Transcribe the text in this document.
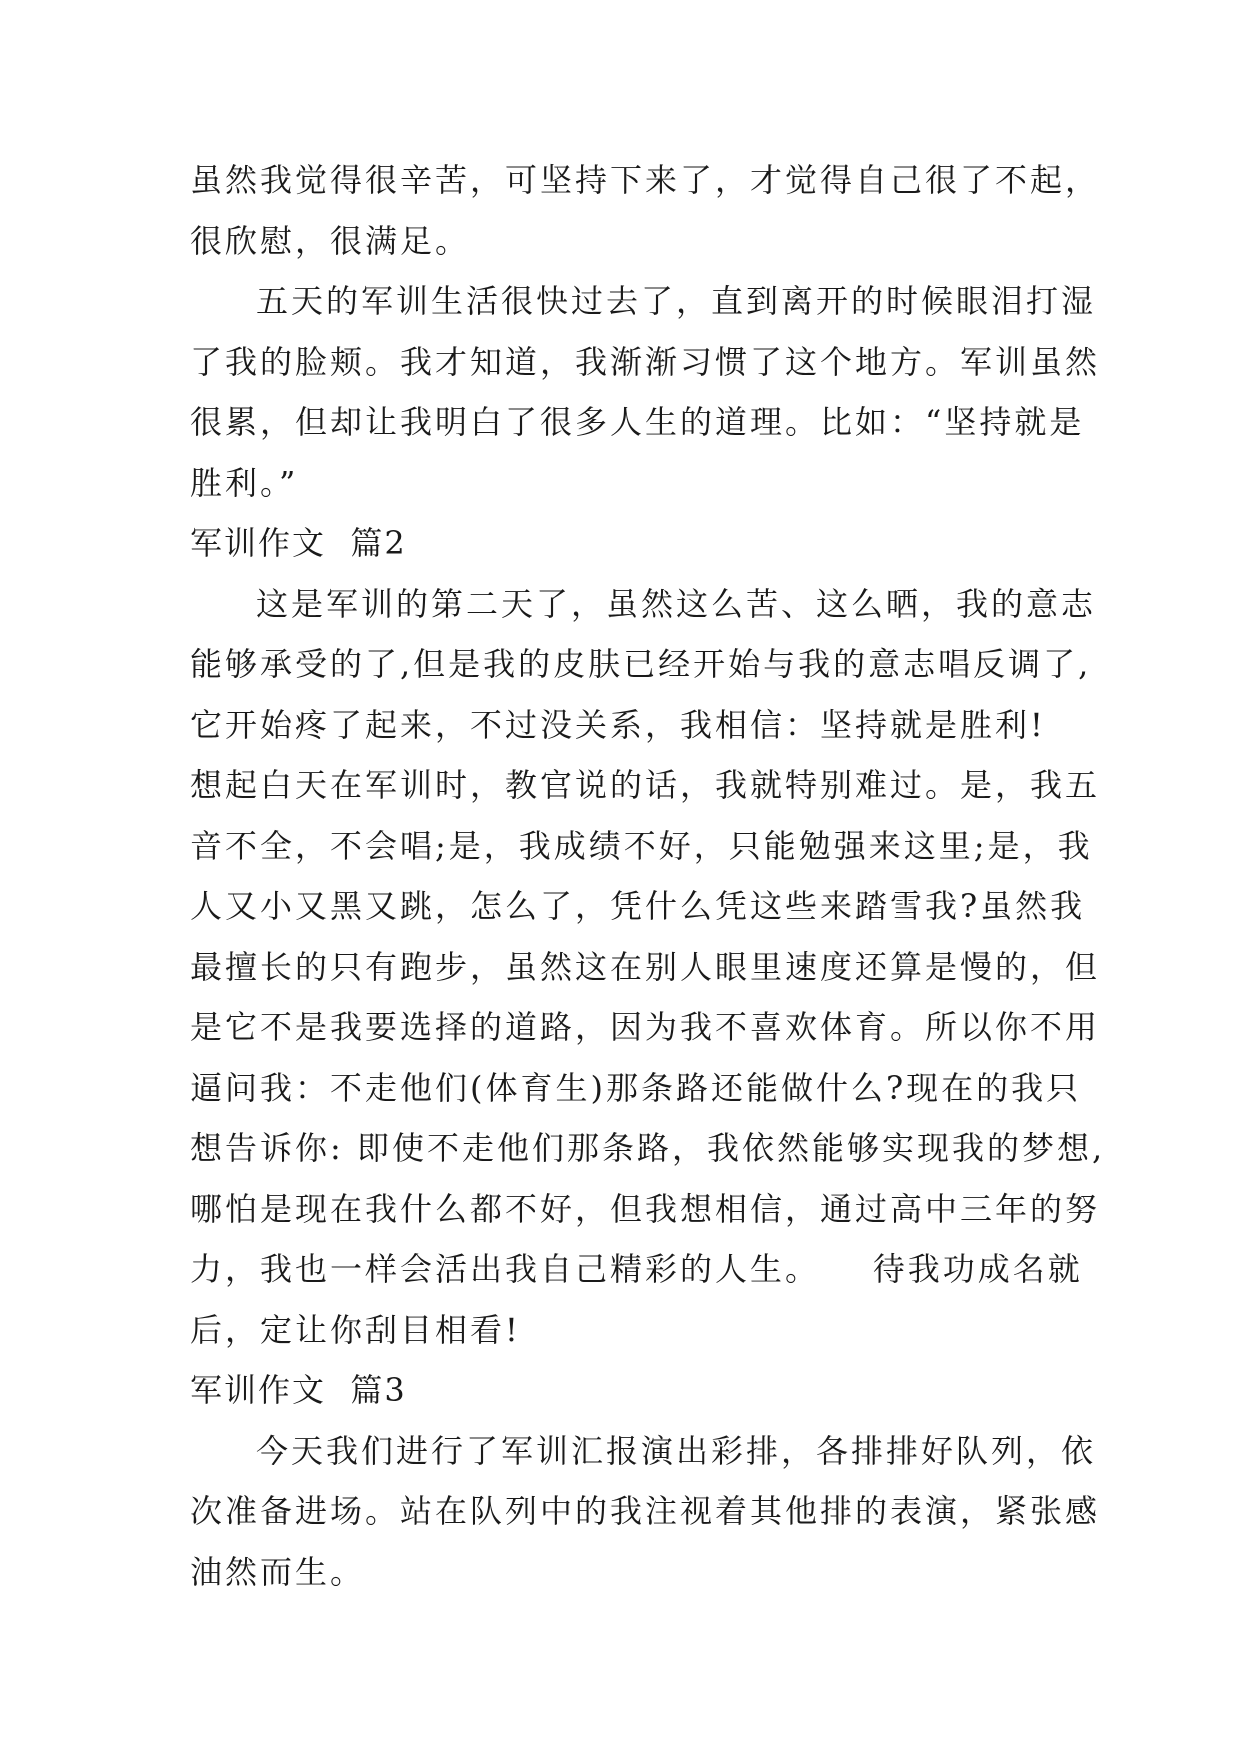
虽然我觉得很辛苦，可坚持下来了，才觉得自己很了不起，
很欣慰，很满足。
五天的军训生活很快过去了，直到离开的时候眼泪打湿
了我的脸颊。我才知道，我渐渐习惯了这个地方。军训虽然
很累，但却让我明白了很多人生的道理。比如：“坚持就是
胜利。”
军训作文  篇2
这是军训的第二天了，虽然这么苦、这么晒，我的意志
能够承受的了,但是我的皮肤已经开始与我的意志唱反调了,
它开始疼了起来，不过没关系，我相信：坚持就是胜利!
想起白天在军训时，教官说的话，我就特别难过。是，我五
音不全，不会唱;是，我成绩不好，只能勉强来这里;是，我
人又小又黑又跳，怎么了，凭什么凭这些来踏雪我?虽然我
最擅长的只有跑步，虽然这在别人眼里速度还算是慢的，但
是它不是我要选择的道路，因为我不喜欢体育。所以你不用
逼问我：不走他们(体育生)那条路还能做什么?现在的我只
想告诉你: 即使不走他们那条路，我依然能够实现我的梦想,
哪怕是现在我什么都不好，但我想相信，通过高中三年的努
力，我也一样会活出我自己精彩的人生。    待我功成名就
后，定让你刮目相看!
军训作文  篇3
今天我们进行了军训汇报演出彩排，各排排好队列，依
次准备进场。站在队列中的我注视着其他排的表演，紧张感
油然而生。
